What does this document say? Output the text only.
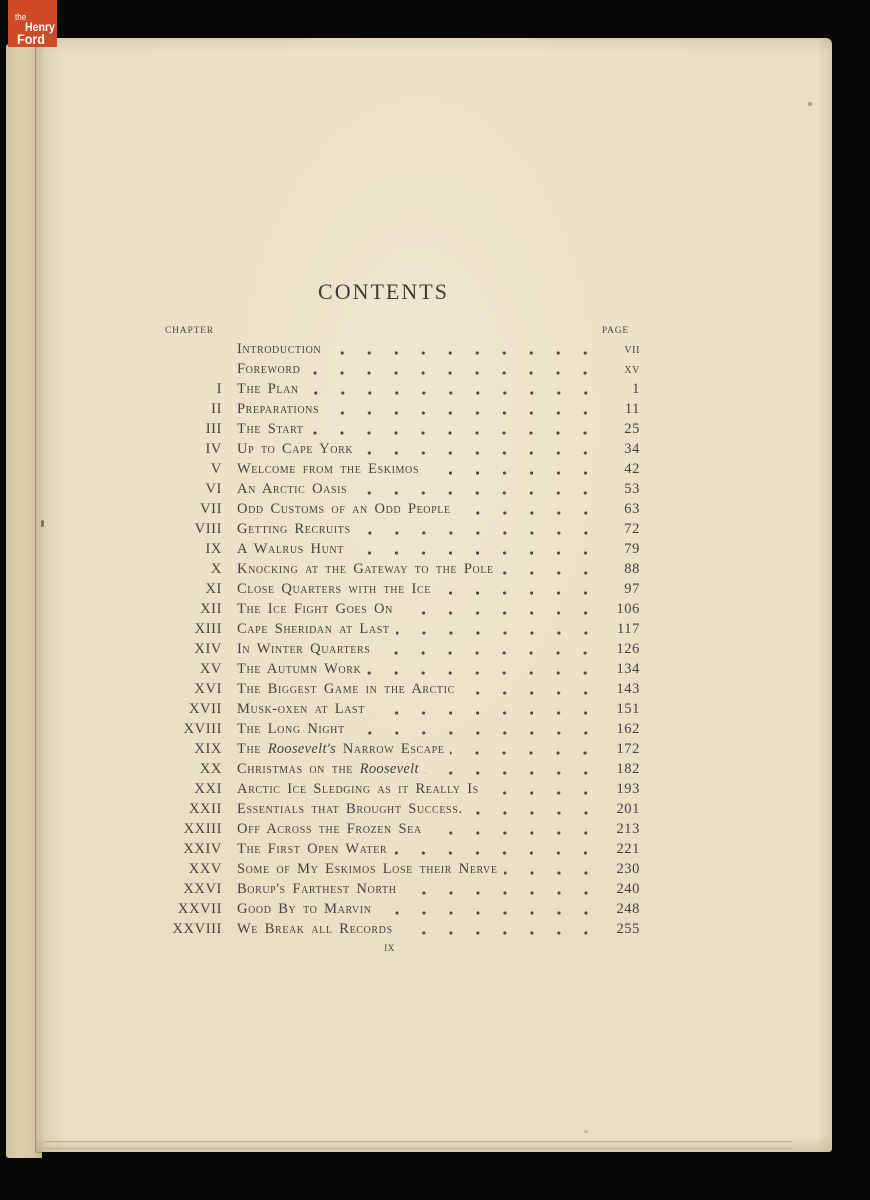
CONTENTS
CHAPTER	PAGE
Introduction	vii
Foreword	xv
I The Plan	1
II Preparations	11
III The Start	25
IV Up to Cape York	34
V Welcome from the Eskimos	42
VI An Arctic Oasis	53
VII Odd Customs of an Odd People	63
VIII Getting Recruits	72
IX A Walrus Hunt	79
X Knocking at the Gateway to the Pole	88
XI Close Quarters with the Ice	97
XII The Ice Fight Goes On	106
XIII Cape Sheridan at Last	117
XIV In Winter Quarters	126
XV The Autumn Work	134
XVI The Biggest Game in the Arctic	143
XVII Musk-oxen at Last	151
XVIII The Long Night	162
XIX The Roosevelt's Narrow Escape	172
XX Christmas on the Roosevelt	182
XXI Arctic Ice Sledging as it Really Is	193
XXII Essentials that Brought Success.	201
XXIII Off Across the Frozen Sea	213
XXIV The First Open Water	221
XXV Some of My Eskimos Lose their Nerve	230
XXVI Borup's Farthest North	240
XXVII Good By to Marvin	248
XXVIII We Break all Records	255
ix
the
Henry
Ford
